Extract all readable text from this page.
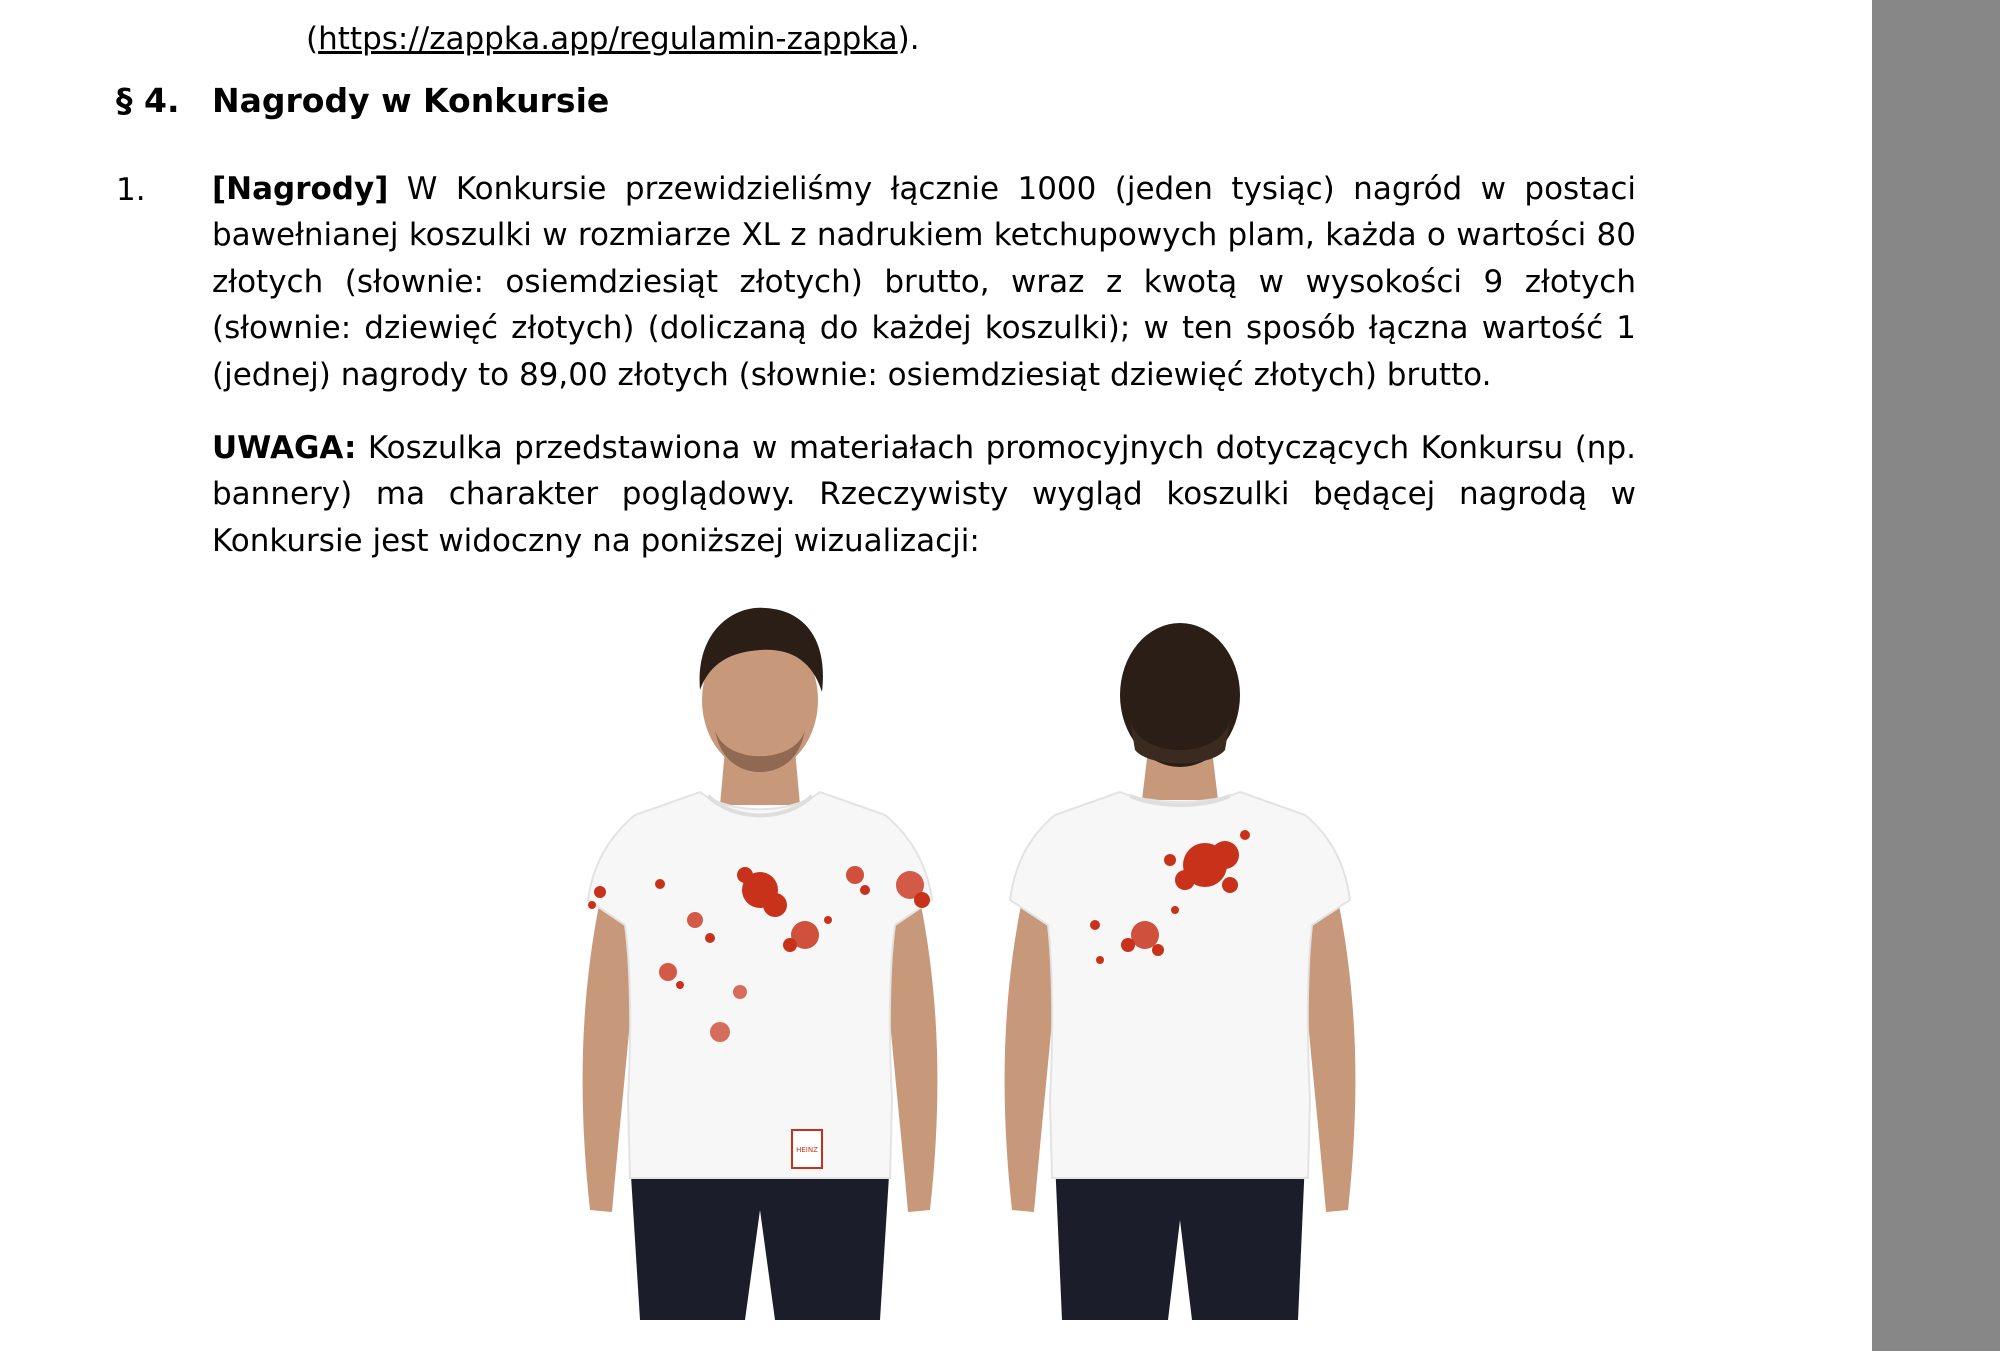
(https://zappka.app/regulamin-zappka).
§ 4. Nagrody w Konkursie
1. [Nagrody] W Konkursie przewidzieliśmy łącznie 1000 (jeden tysiąc) nagród w postaci bawełnianej koszulki w rozmiarze XL z nadrukiem ketchupowych plam, każda o wartości 80 złotych (słownie: osiemdziesiąt złotych) brutto, wraz z kwotą w wysokości 9 złotych (słownie: dziewięć złotych) (doliczaną do każdej koszulki); w ten sposób łączna wartość 1 (jednej) nagrody to 89,00 złotych (słownie: osiemdziesiąt dziewięć złotych) brutto.
UWAGA: Koszulka przedstawiona w materiałach promocyjnych dotyczących Konkursu (np. bannery) ma charakter poglądowy. Rzeczywisty wygląd koszulki będącej nagrodą w Konkursie jest widoczny na poniższej wizualizacji:
HEINZ
